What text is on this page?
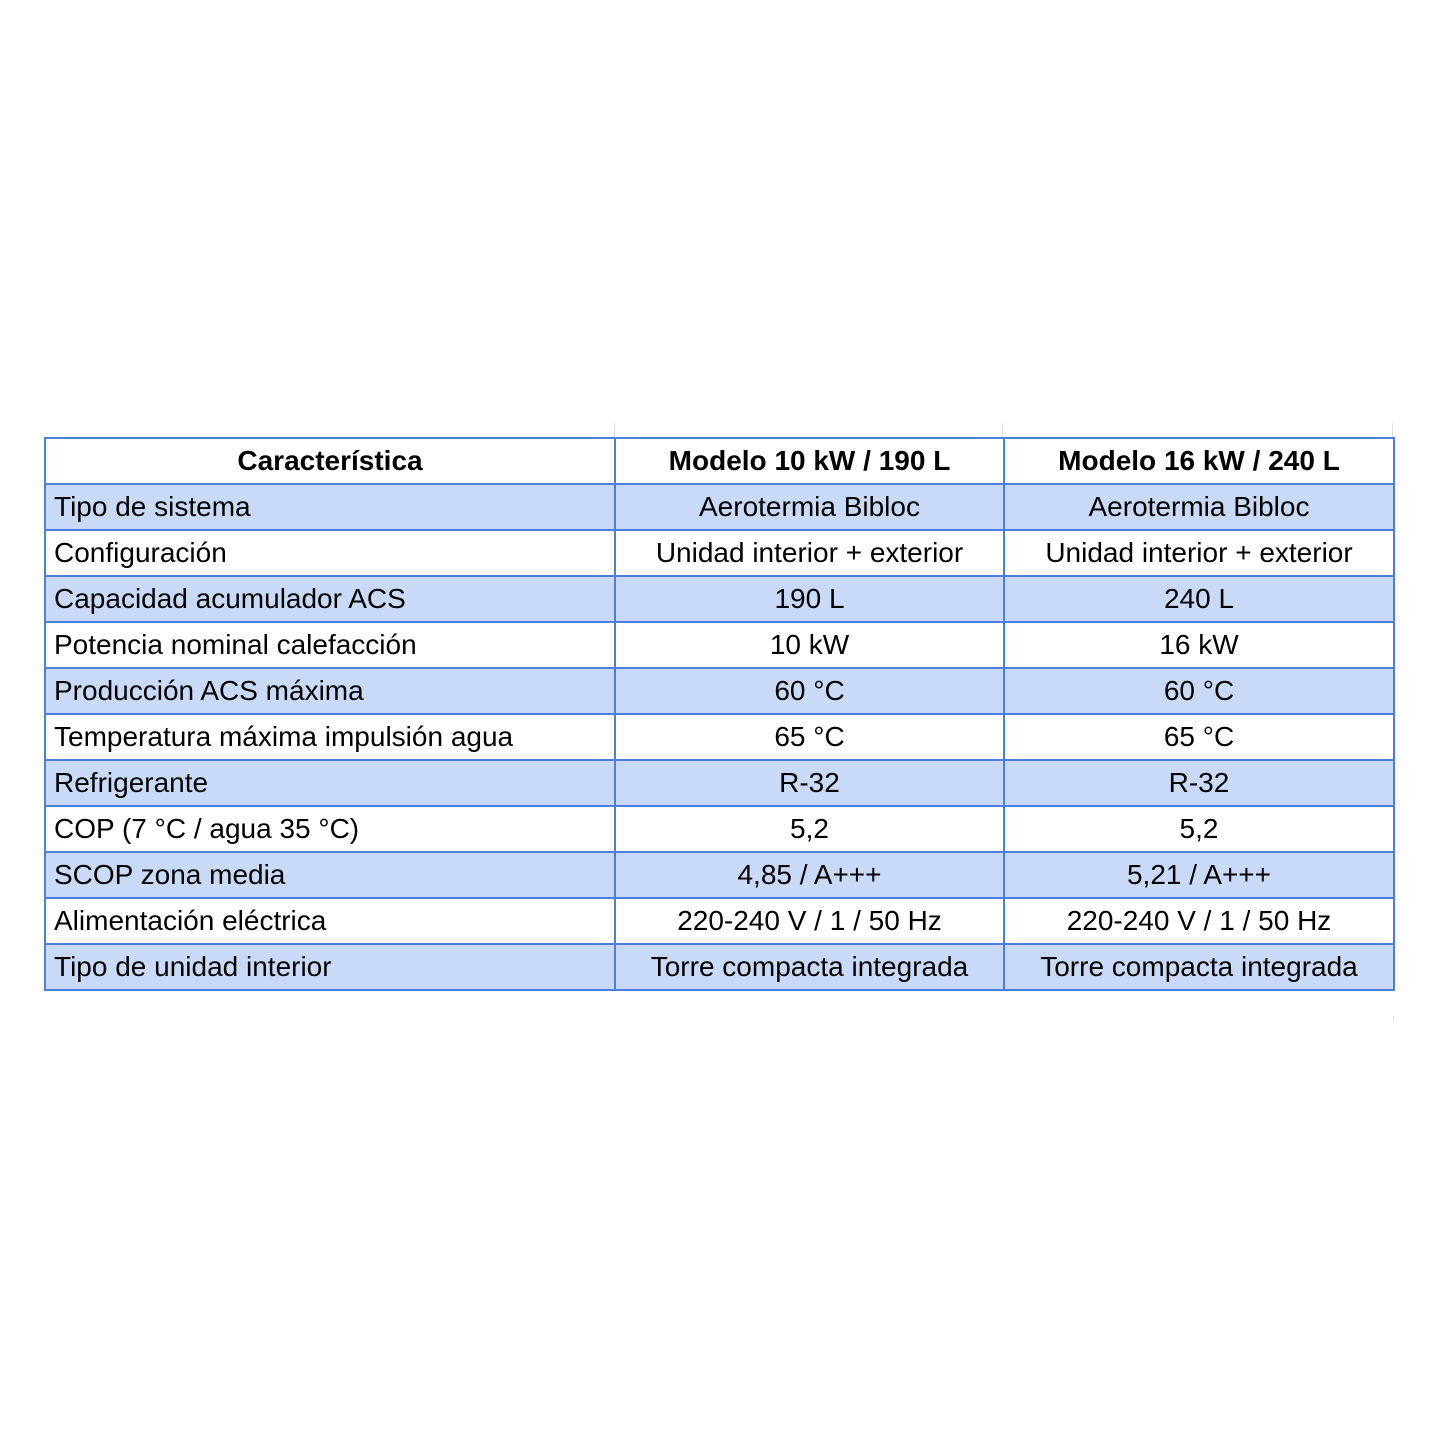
Característica	Modelo 10 kW / 190 L	Modelo 16 kW / 240 L
Tipo de sistema	Aerotermia Bibloc	Aerotermia Bibloc
Configuración	Unidad interior + exterior	Unidad interior + exterior
Capacidad acumulador ACS	190 L	240 L
Potencia nominal calefacción	10 kW	16 kW
Producción ACS máxima	60 °C	60 °C
Temperatura máxima impulsión agua	65 °C	65 °C
Refrigerante	R-32	R-32
COP (7 °C / agua 35 °C)	5,2	5,2
SCOP zona media	4,85 / A+++	5,21 / A+++
Alimentación eléctrica	220-240 V / 1 / 50 Hz	220-240 V / 1 / 50 Hz
Tipo de unidad interior	Torre compacta integrada	Torre compacta integrada
